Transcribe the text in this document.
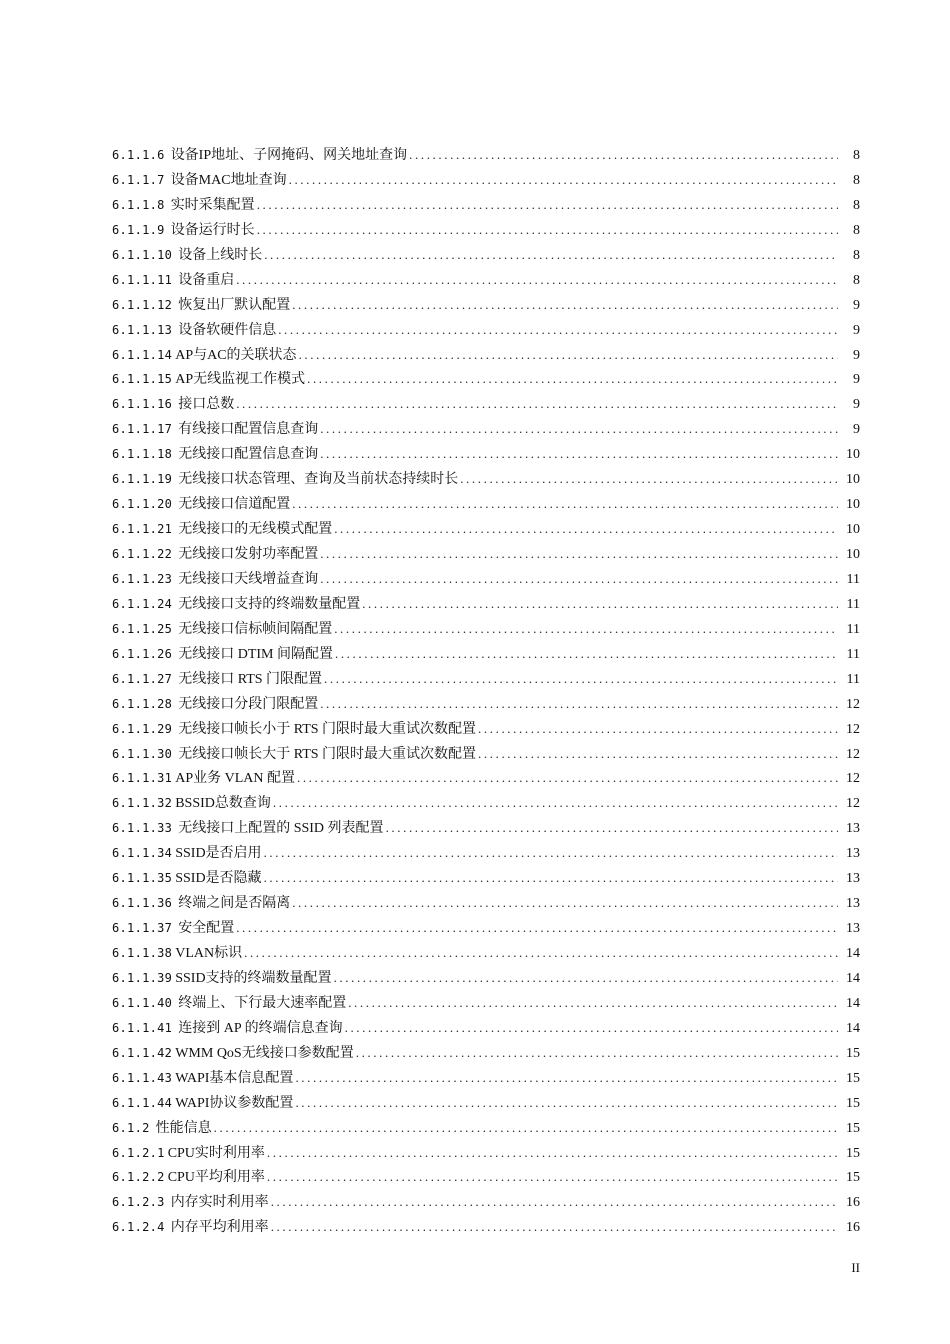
6.1.1.6 设备IP地址、子网掩码、网关地址查询 .....	8
6.1.1.7 设备MAC地址查询 .....	8
6.1.1.8 实时采集配置 .....	8
6.1.1.9 设备运行时长 .....	8
6.1.1.10 设备上线时长 .....	8
6.1.1.11 设备重启 .....	8
6.1.1.12 恢复出厂默认配置 .....	9
6.1.1.13 设备软硬件信息 .....	9
6.1.1.14 AP与AC的关联状态 .....	9
6.1.1.15 AP无线监视工作模式 .....	9
6.1.1.16 接口总数 .....	9
6.1.1.17 有线接口配置信息查询 .....	9
6.1.1.18 无线接口配置信息查询 .....	10
6.1.1.19 无线接口状态管理、查询及当前状态持续时长 .....	10
6.1.1.20 无线接口信道配置 .....	10
6.1.1.21 无线接口的无线模式配置 .....	10
6.1.1.22 无线接口发射功率配置 .....	10
6.1.1.23 无线接口天线增益查询 .....	11
6.1.1.24 无线接口支持的终端数量配置 .....	11
6.1.1.25 无线接口信标帧间隔配置 .....	11
6.1.1.26 无线接口 DTIM 间隔配置 .....	11
6.1.1.27 无线接口 RTS 门限配置 .....	11
6.1.1.28 无线接口分段门限配置 .....	12
6.1.1.29 无线接口帧长小于 RTS 门限时最大重试次数配置 .....	12
6.1.1.30 无线接口帧长大于 RTS 门限时最大重试次数配置 .....	12
6.1.1.31 AP业务 VLAN 配置 .....	12
6.1.1.32 BSSID总数查询 .....	12
6.1.1.33 无线接口上配置的 SSID 列表配置 .....	13
6.1.1.34 SSID是否启用 .....	13
6.1.1.35 SSID是否隐藏 .....	13
6.1.1.36 终端之间是否隔离 .....	13
6.1.1.37 安全配置 .....	13
6.1.1.38 VLAN标识 .....	14
6.1.1.39 SSID支持的终端数量配置 .....	14
6.1.1.40 终端上、下行最大速率配置 .....	14
6.1.1.41 连接到 AP 的终端信息查询 .....	14
6.1.1.42 WMM QoS无线接口参数配置 .....	15
6.1.1.43 WAPI基本信息配置 .....	15
6.1.1.44 WAPI协议参数配置 .....	15
6.1.2 性能信息 .....	15
6.1.2.1 CPU实时利用率 .....	15
6.1.2.2 CPU平均利用率 .....	15
6.1.2.3 内存实时利用率 .....	16
6.1.2.4 内存平均利用率 .....	16
II
